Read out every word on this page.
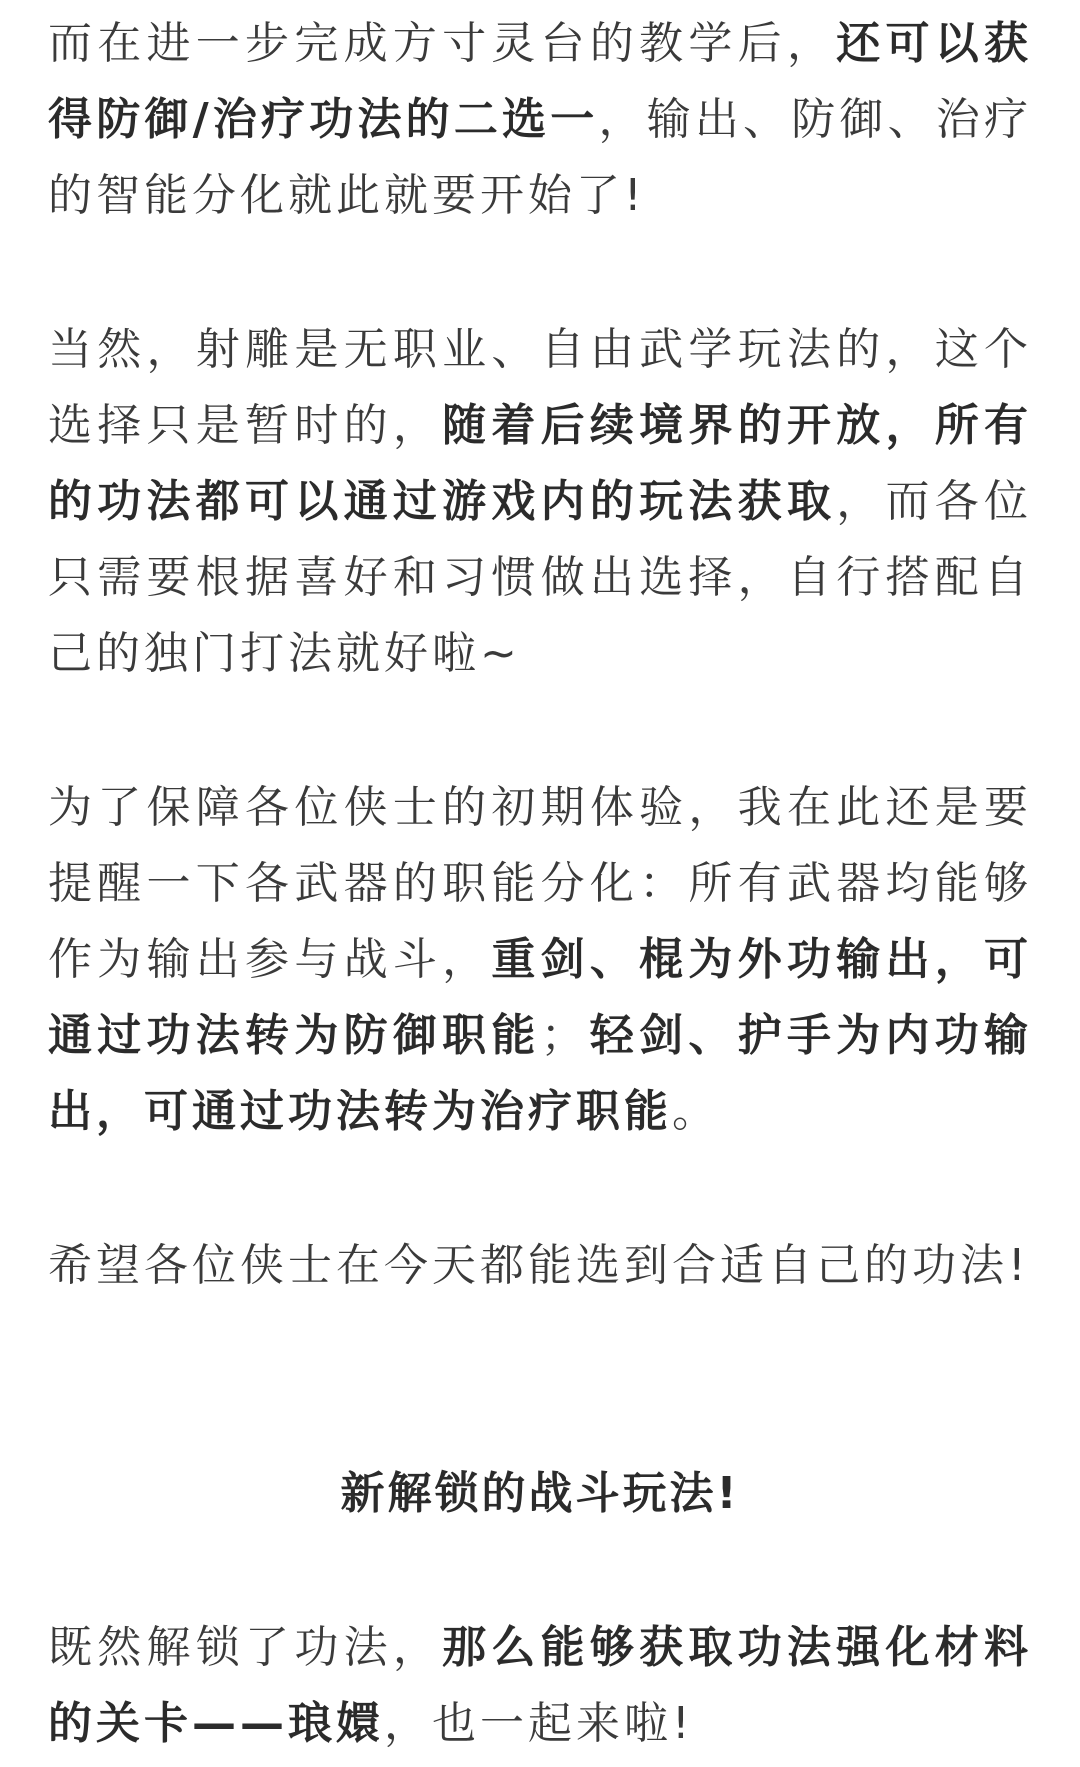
而在进一步完成方寸灵台的教学后，还可以获得防御/治疗功法的二选一，输出、防御、治疗的智能分化就此就要开始了!

当然，射雕是无职业、自由武学玩法的，这个选择只是暂时的，随着后续境界的开放，所有的功法都可以通过游戏内的玩法获取，而各位只需要根据喜好和习惯做出选择，自行搭配自己的独门打法就好啦~

为了保障各位侠士的初期体验，我在此还是要提醒一下各武器的职能分化：所有武器均能够作为输出参与战斗，重剑、棍为外功输出，可通过功法转为防御职能；轻剑、护手为内功输出，可通过功法转为治疗职能。

希望各位侠士在今天都能选到合适自己的功法!

新解锁的战斗玩法!

既然解锁了功法，那么能够获取功法强化材料的关卡——琅嬛，也一起来啦!
